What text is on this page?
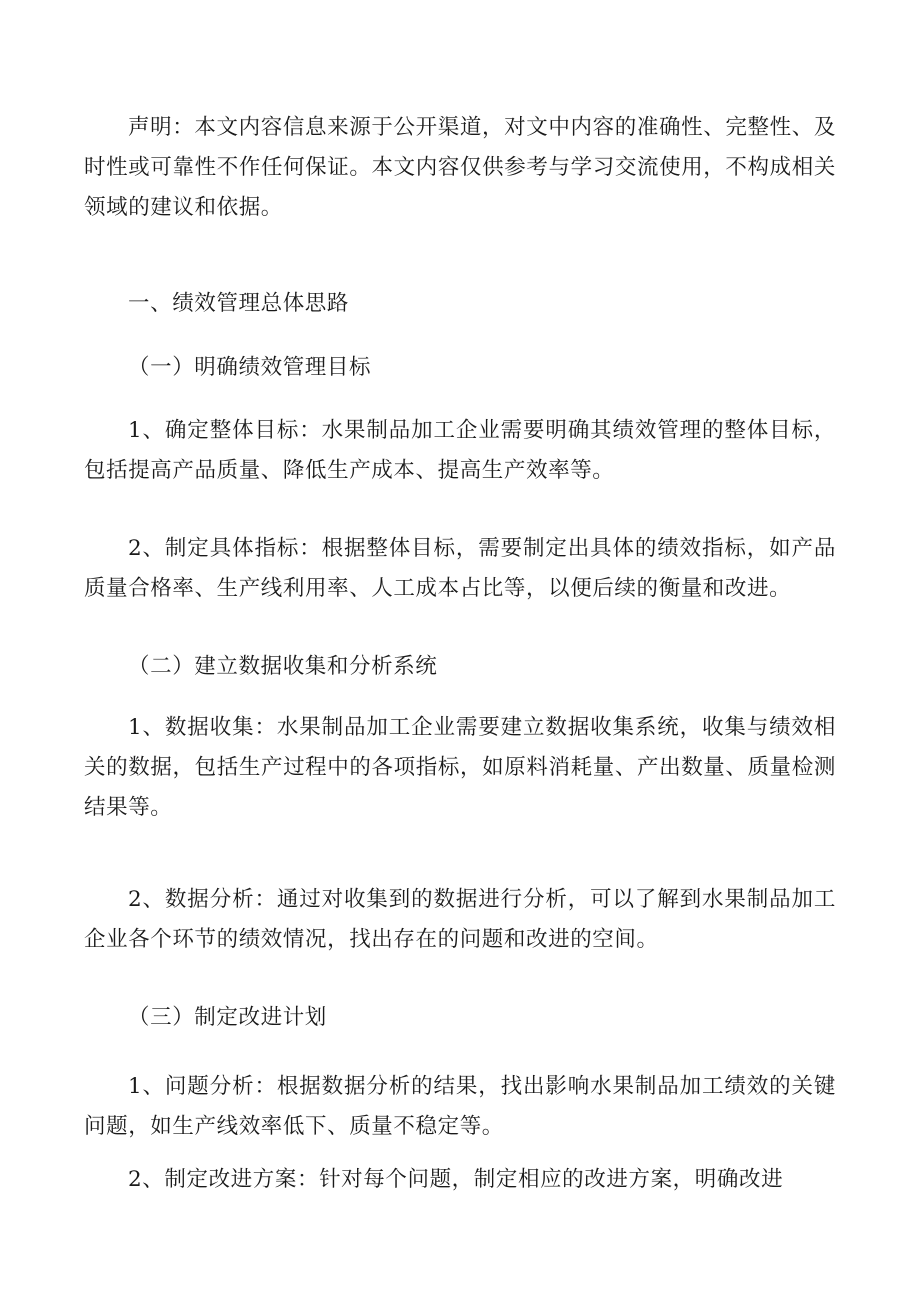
声明：本文内容信息来源于公开渠道，对文中内容的准确性、完整性、及时性或可靠性不作任何保证。本文内容仅供参考与学习交流使用，不构成相关领域的建议和依据。

一、绩效管理总体思路

（一）明确绩效管理目标

1、确定整体目标：水果制品加工企业需要明确其绩效管理的整体目标，包括提高产品质量、降低生产成本、提高生产效率等。

2、制定具体指标：根据整体目标，需要制定出具体的绩效指标，如产品质量合格率、生产线利用率、人工成本占比等，以便后续的衡量和改进。

（二）建立数据收集和分析系统

1、数据收集：水果制品加工企业需要建立数据收集系统，收集与绩效相关的数据，包括生产过程中的各项指标，如原料消耗量、产出数量、质量检测结果等。

2、数据分析：通过对收集到的数据进行分析，可以了解到水果制品加工企业各个环节的绩效情况，找出存在的问题和改进的空间。

（三）制定改进计划

1、问题分析：根据数据分析的结果，找出影响水果制品加工绩效的关键问题，如生产线效率低下、质量不稳定等。

2、制定改进方案：针对每个问题，制定相应的改进方案，明确改进
